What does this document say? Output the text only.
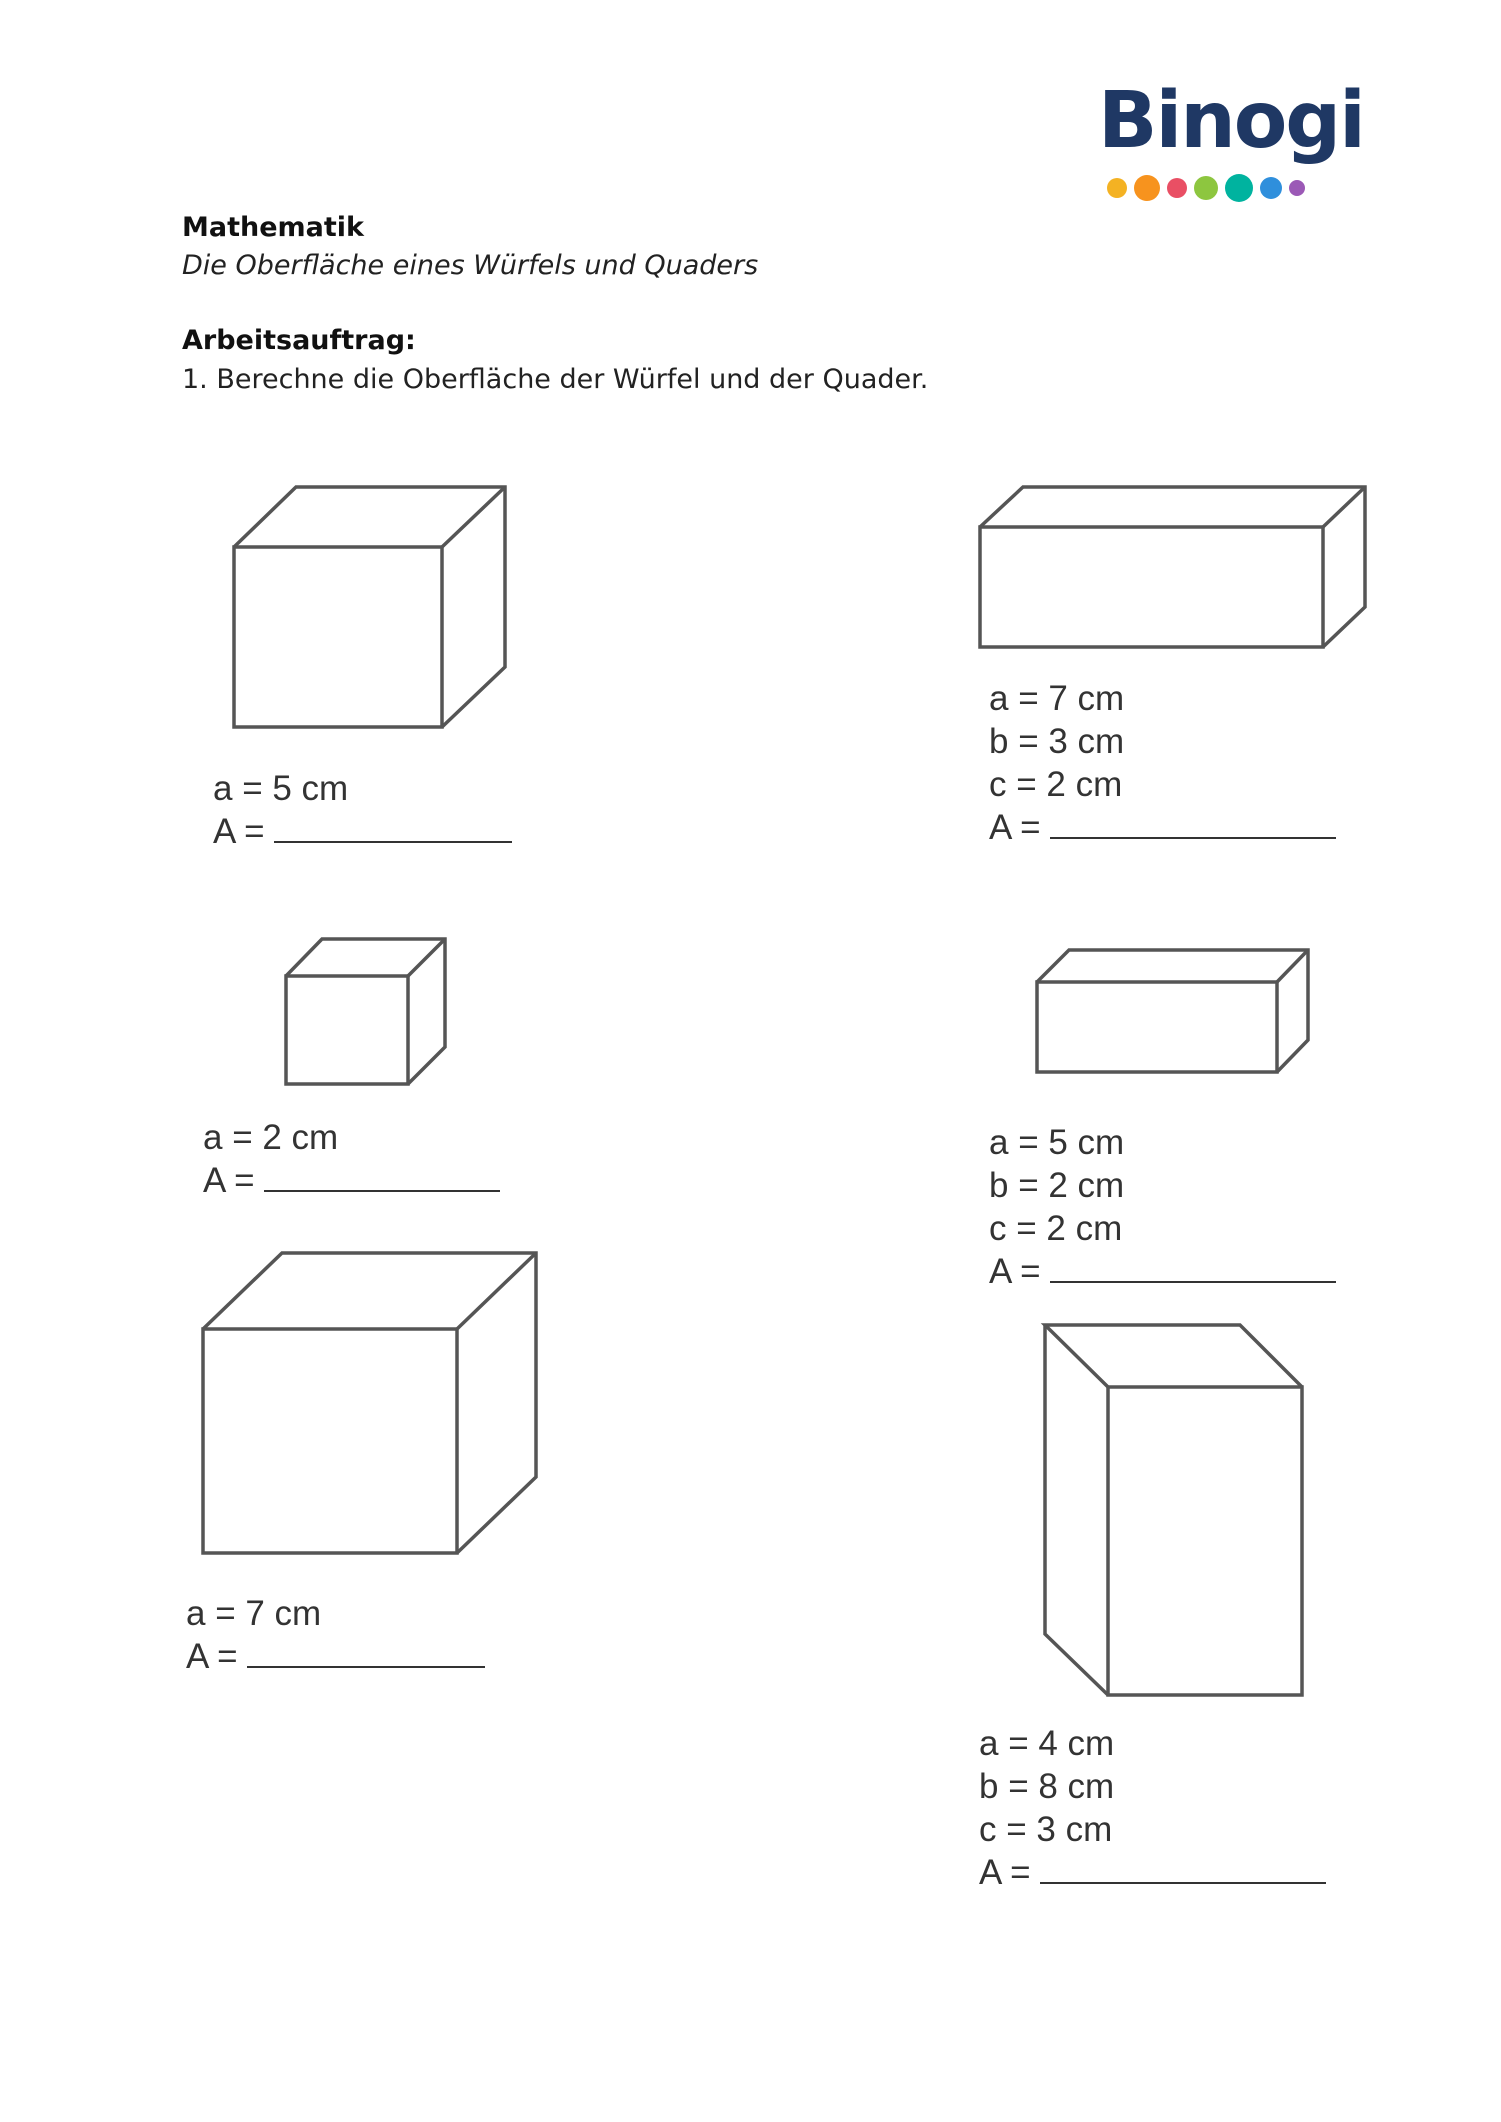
Binogi
Mathematik
Die Oberfläche eines Würfels und Quaders
Arbeitsauftrag:
1. Berechne die Oberfläche der Würfel und der Quader.
a = 5 cm
A =
a = 7 cm
b = 3 cm
c = 2 cm
A =
a = 2 cm
A =
a = 5 cm
b = 2 cm
c = 2 cm
A =
a = 7 cm
A =
a = 4 cm
b = 8 cm
c = 3 cm
A =
